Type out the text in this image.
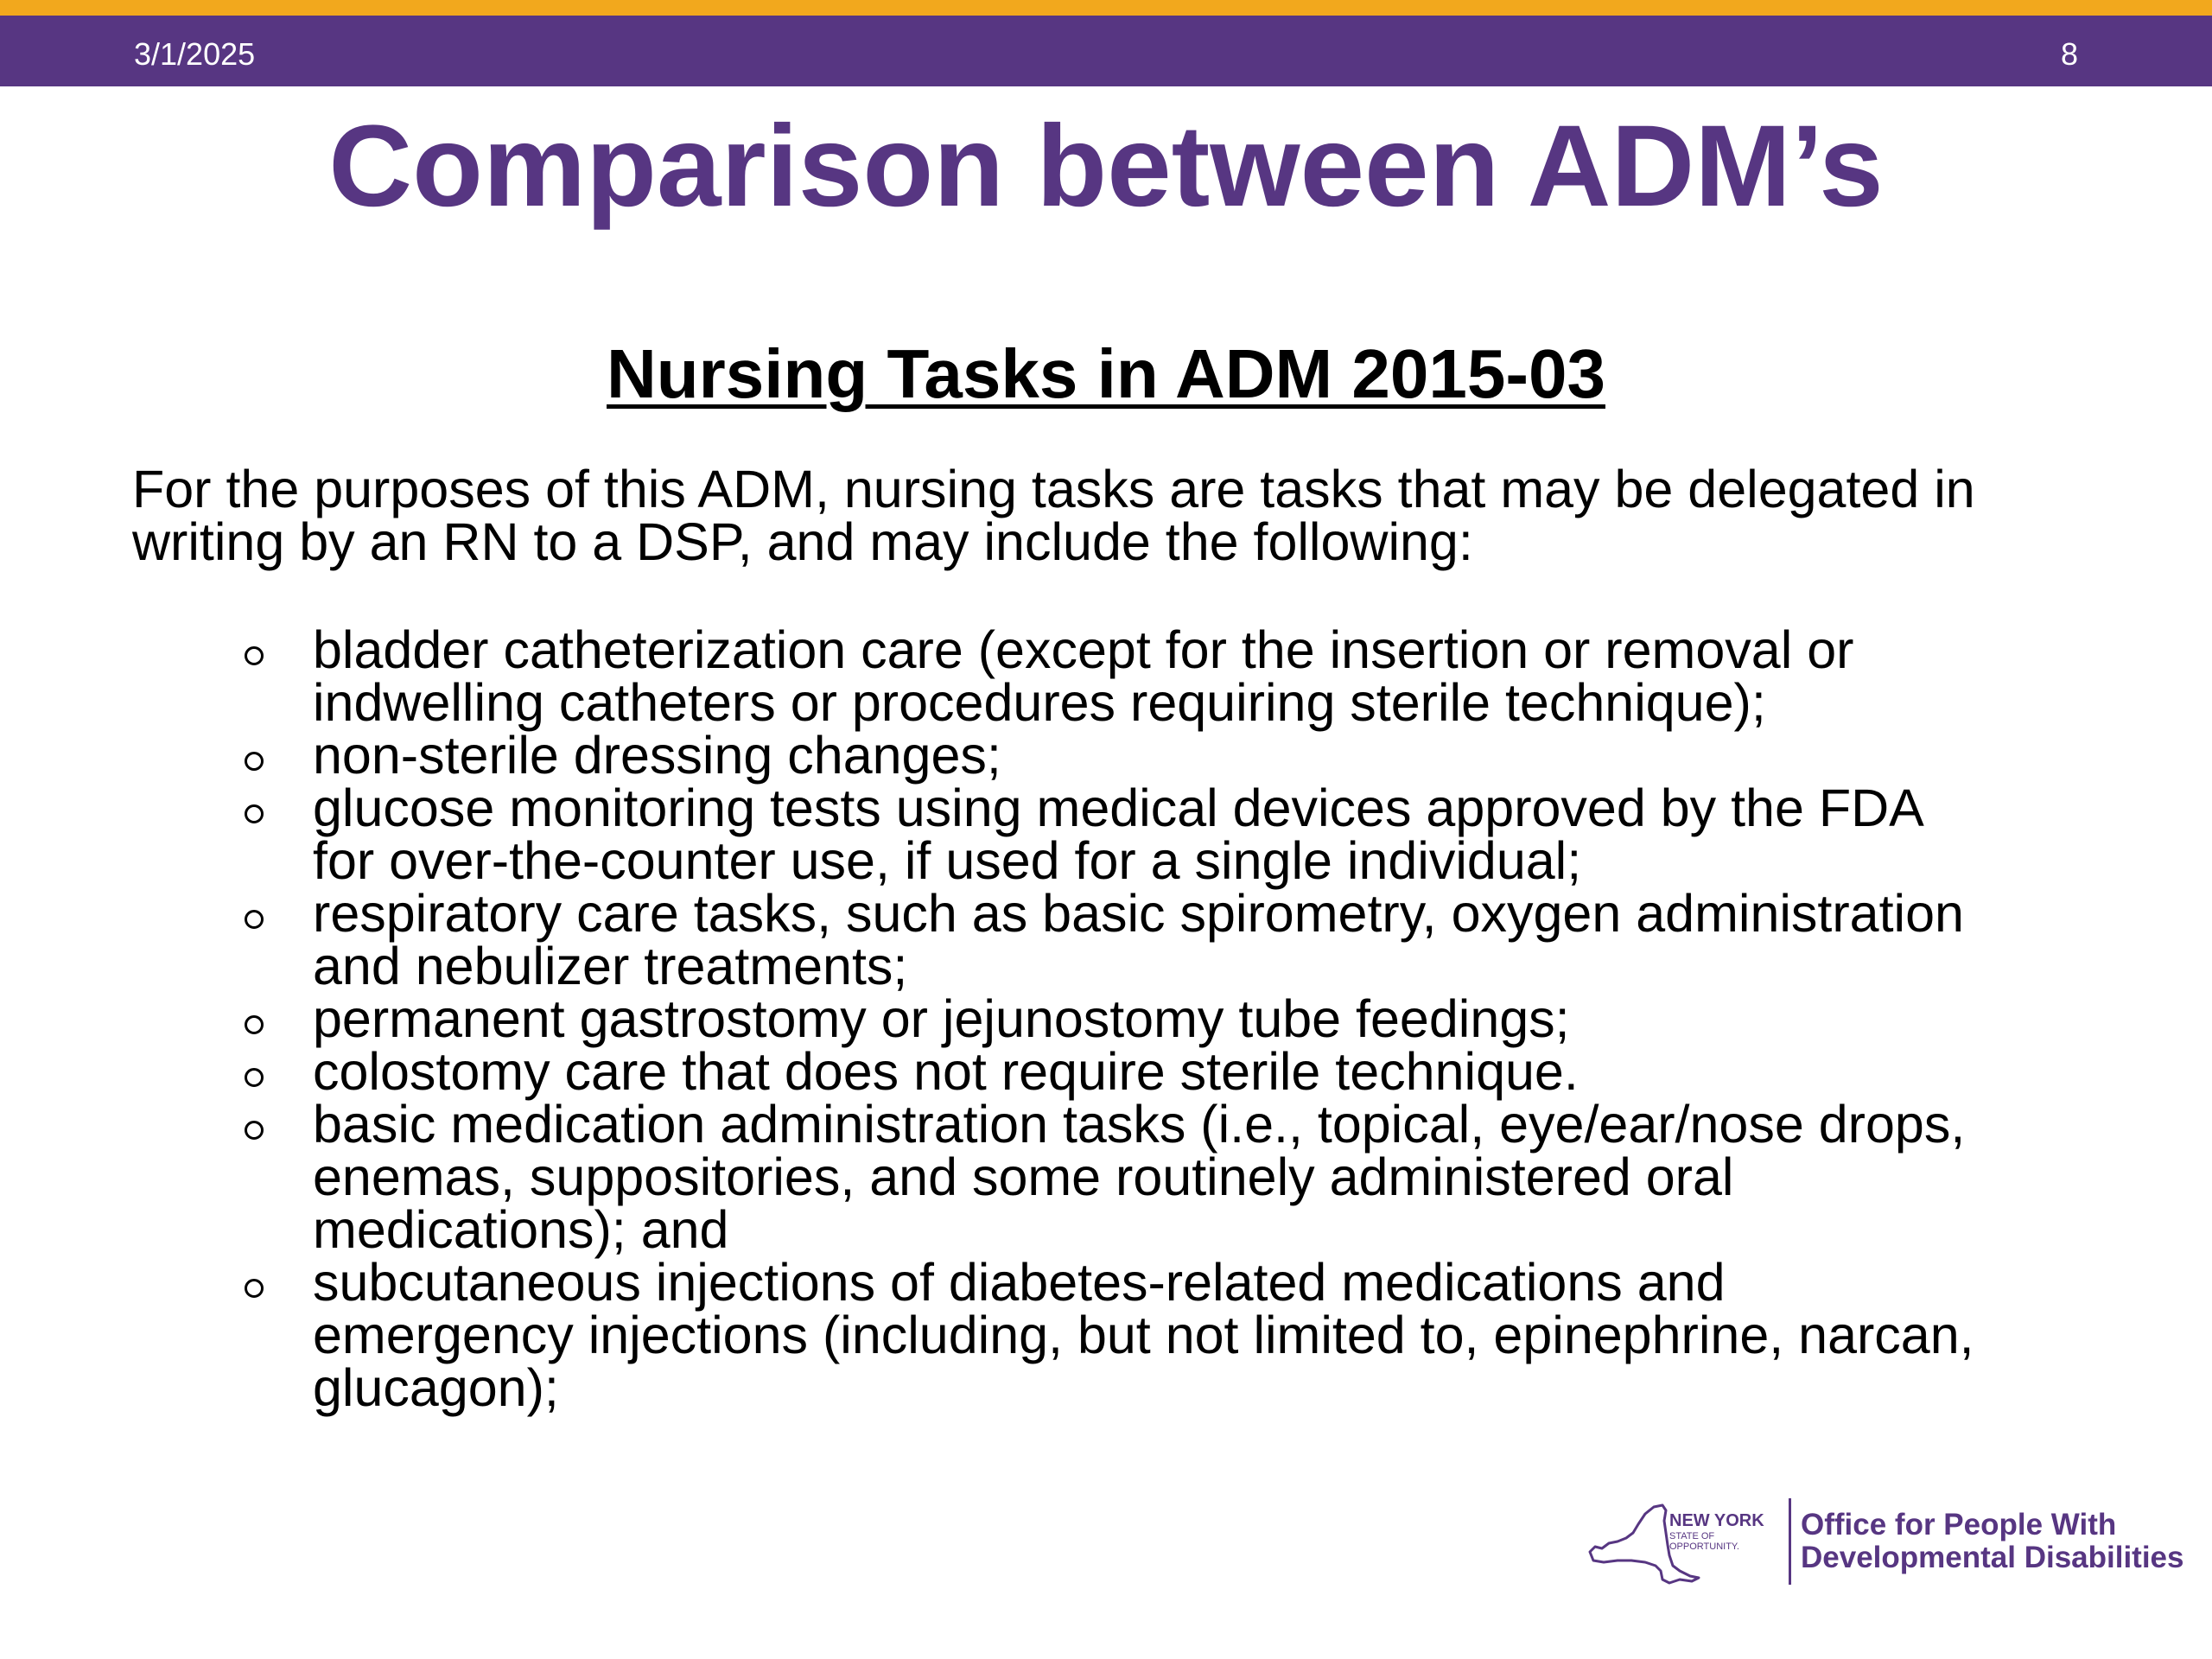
3/1/2025	8
Comparison between ADM’s
Nursing Tasks in ADM 2015-03

For the purposes of this ADM, nursing tasks are tasks that may be delegated in writing by an RN to a DSP, and may include the following:

bladder catheterization care (except for the insertion or removal or
indwelling catheters or procedures requiring sterile technique);
non-sterile dressing changes;
glucose monitoring tests using medical devices approved by the FDA
for over-the-counter use, if used for a single individual;
respiratory care tasks, such as basic spirometry, oxygen administration
and nebulizer treatments;
permanent gastrostomy or jejunostomy tube feedings;
colostomy care that does not require sterile technique.
basic medication administration tasks (i.e., topical, eye/ear/nose drops,
enemas, suppositories, and some routinely administered oral
medications); and
subcutaneous injections of diabetes-related medications and
emergency injections (including, but not limited to, epinephrine, narcan,
glucagon);
NEW YORK
STATE OF
OPPORTUNITY.
Office for People With
Developmental Disabilities
